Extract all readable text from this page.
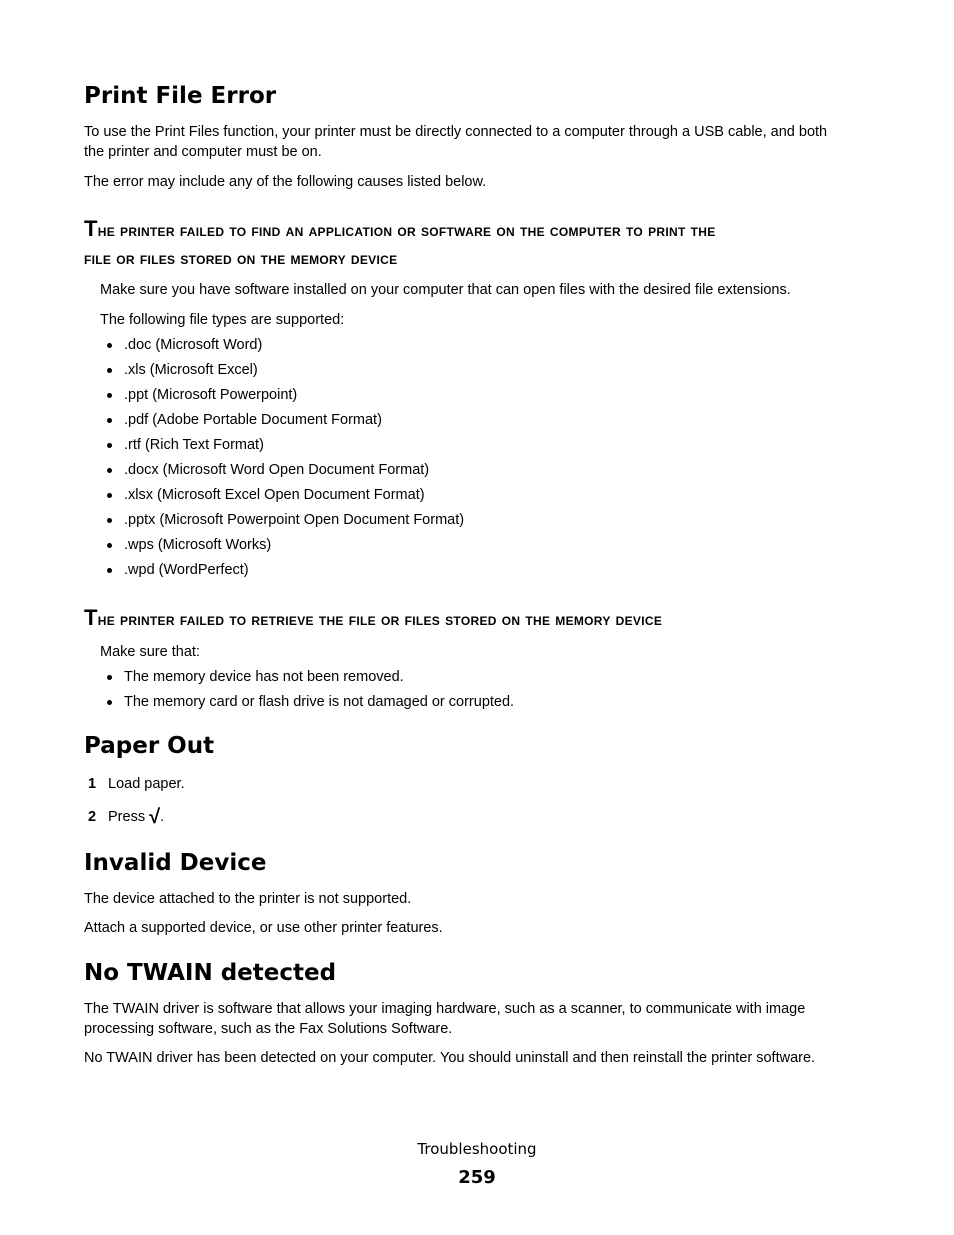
Print File Error

To use the Print Files function, your printer must be directly connected to a computer through a USB cable, and both
the printer and computer must be on.

The error may include any of the following causes listed below.

The printer failed to find an application or software on the computer to print the
file or files stored on the memory device

Make sure you have software installed on your computer that can open files with the desired file extensions.

The following file types are supported:

.doc (Microsoft Word)
.xls (Microsoft Excel)
.ppt (Microsoft Powerpoint)
.pdf (Adobe Portable Document Format)
.rtf (Rich Text Format)
.docx (Microsoft Word Open Document Format)
.xlsx (Microsoft Excel Open Document Format)
.pptx (Microsoft Powerpoint Open Document Format)
.wps (Microsoft Works)
.wpd (WordPerfect)
The printer failed to retrieve the file or files stored on the memory device

Make sure that:

The memory device has not been removed.
The memory card or flash drive is not damaged or corrupted.
Paper Out
1 Load paper.
2 Press √.
Invalid Device

The device attached to the printer is not supported.

Attach a supported device, or use other printer features.

No TWAIN detected

The TWAIN driver is software that allows your imaging hardware, such as a scanner, to communicate with image
processing software, such as the Fax Solutions Software.

No TWAIN driver has been detected on your computer. You should uninstall and then reinstall the printer software.

Troubleshooting
259
